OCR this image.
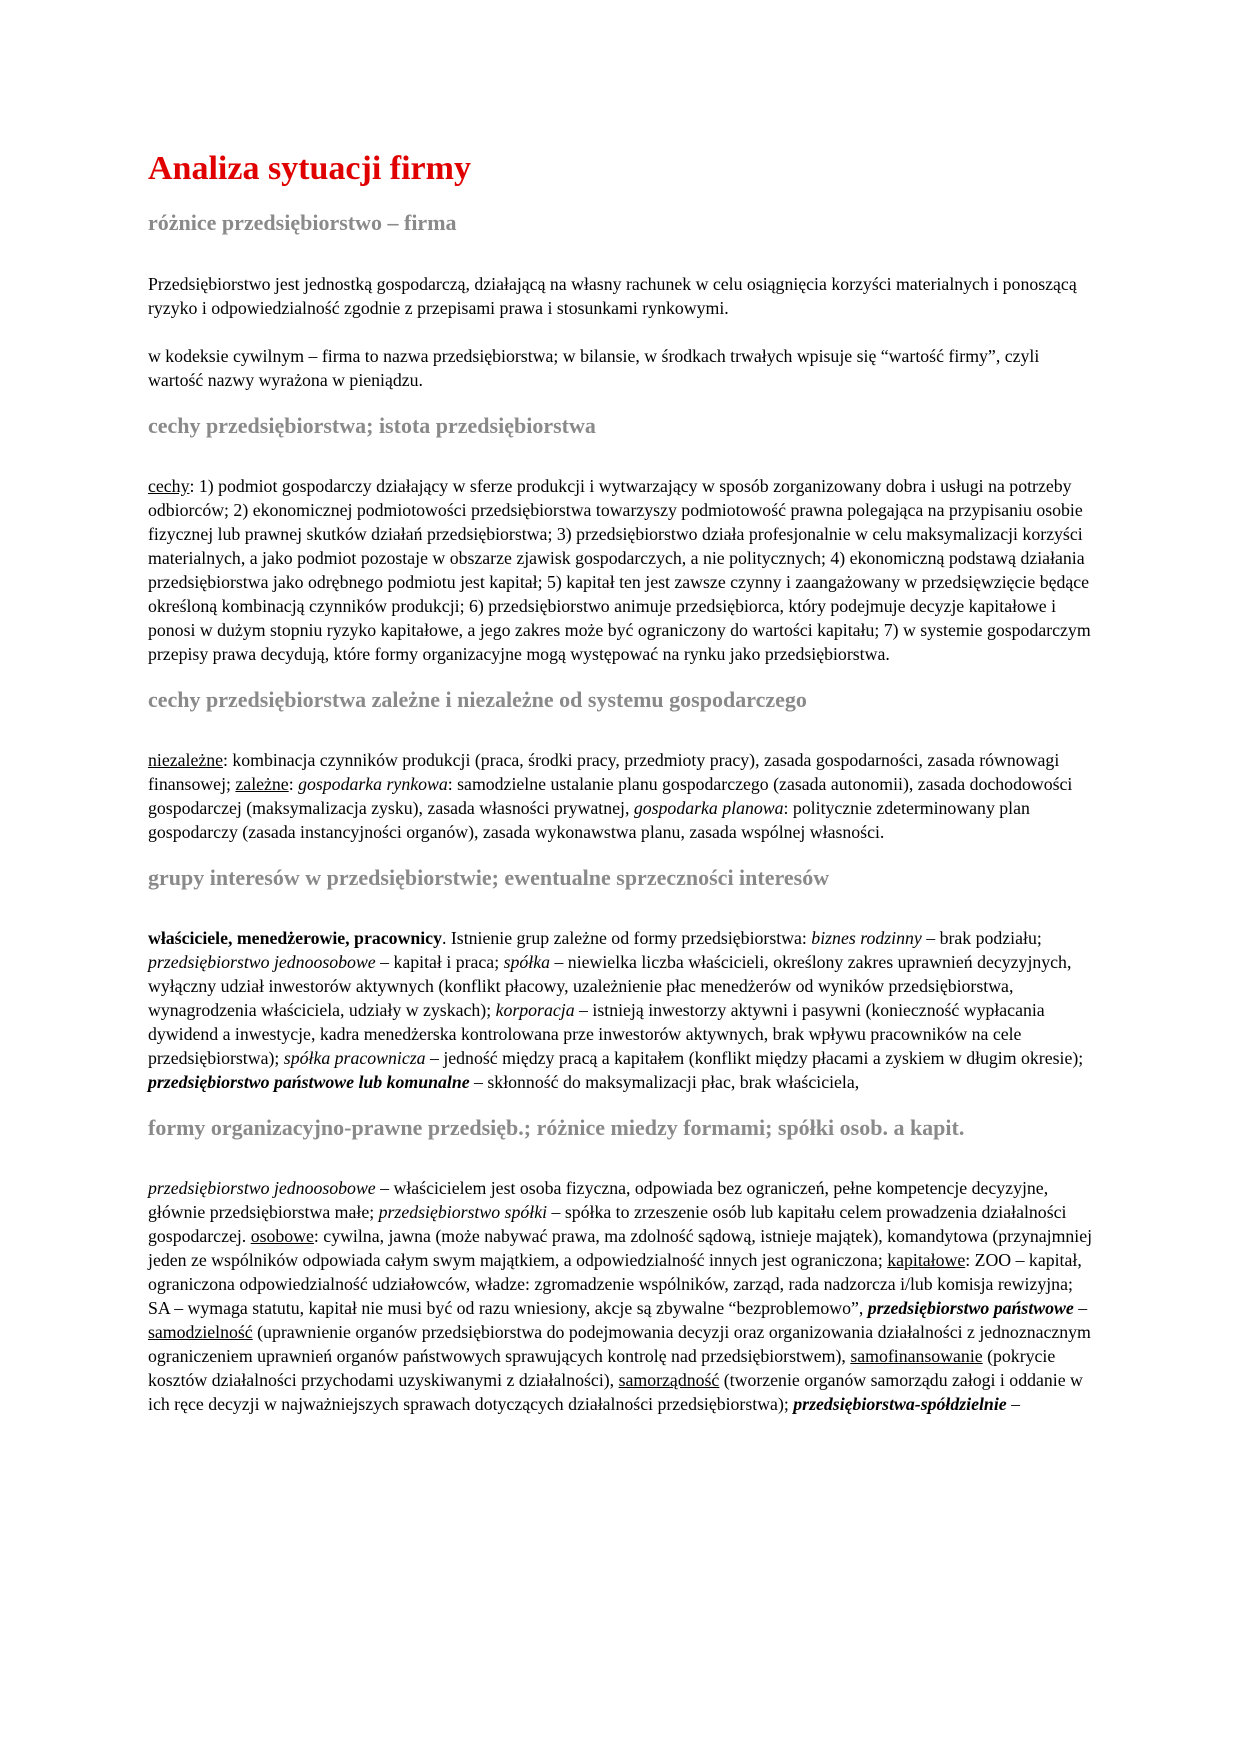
Analiza sytuacji firmy
różnice przedsiębiorstwo – firma

Przedsiębiorstwo jest jednostką gospodarczą, działającą na własny rachunek w celu osiągnięcia korzyści materialnych i ponoszącą ryzyko i odpowiedzialność zgodnie z przepisami prawa i stosunkami rynkowymi.

w kodeksie cywilnym – firma to nazwa przedsiębiorstwa; w bilansie, w środkach trwałych wpisuje się “wartość firmy”, czyli wartość nazwy wyrażona w pieniądzu.

cechy przedsiębiorstwa; istota przedsiębiorstwa

cechy: 1) podmiot gospodarczy działający w sferze produkcji i wytwarzający w sposób zorganizowany dobra i usługi na potrzeby odbiorców; 2) ekonomicznej podmiotowości przedsiębiorstwa towarzyszy podmiotowość prawna polegająca na przypisaniu osobie fizycznej lub prawnej skutków działań przedsiębiorstwa; 3) przedsiębiorstwo działa profesjonalnie w celu maksymalizacji korzyści materialnych, a jako podmiot pozostaje w obszarze zjawisk gospodarczych, a nie politycznych; 4) ekonomiczną podstawą działania przedsiębiorstwa jako odrębnego podmiotu jest kapitał; 5) kapitał ten jest zawsze czynny i zaangażowany w przedsięwzięcie będące określoną kombinacją czynników produkcji; 6) przedsiębiorstwo animuje przedsiębiorca, który podejmuje decyzje kapitałowe i ponosi w dużym stopniu ryzyko kapitałowe, a jego zakres może być ograniczony do wartości kapitału; 7) w systemie gospodarczym przepisy prawa decydują, które formy organizacyjne mogą występować na rynku jako przedsiębiorstwa.

cechy przedsiębiorstwa zależne i niezależne od systemu gospodarczego

niezależne: kombinacja czynników produkcji (praca, środki pracy, przedmioty pracy), zasada gospodarności, zasada równowagi finansowej; zależne: gospodarka rynkowa: samodzielne ustalanie planu gospodarczego (zasada autonomii), zasada dochodowości gospodarczej (maksymalizacja zysku), zasada własności prywatnej, gospodarka planowa: politycznie zdeterminowany plan gospodarczy (zasada instancyjności organów), zasada wykonawstwa planu, zasada wspólnej własności.

grupy interesów w przedsiębiorstwie; ewentualne sprzeczności interesów

właściciele, menedżerowie, pracownicy. Istnienie grup zależne od formy przedsiębiorstwa: biznes rodzinny – brak podziału; przedsiębiorstwo jednoosobowe – kapitał i praca; spółka – niewielka liczba właścicieli, określony zakres uprawnień decyzyjnych, wyłączny udział inwestorów aktywnych (konflikt płacowy, uzależnienie płac menedżerów od wyników przedsiębiorstwa, wynagrodzenia właściciela, udziały w zyskach); korporacja – istnieją inwestorzy aktywni i pasywni (konieczność wypłacania dywidend a inwestycje, kadra menedżerska kontrolowana prze inwestorów aktywnych, brak wpływu pracowników na cele przedsiębiorstwa); spółka pracownicza – jedność między pracą a kapitałem (konflikt między płacami a zyskiem w długim okresie); przedsiębiorstwo państwowe lub komunalne – skłonność do maksymalizacji płac, brak właściciela,

formy organizacyjno-prawne przedsięb.; różnice miedzy formami; spółki osob. a kapit.

przedsiębiorstwo jednoosobowe – właścicielem jest osoba fizyczna, odpowiada bez ograniczeń, pełne kompetencje decyzyjne, głównie przedsiębiorstwa małe; przedsiębiorstwo spółki – spółka to zrzeszenie osób lub kapitału celem prowadzenia działalności gospodarczej. osobowe: cywilna, jawna (może nabywać prawa, ma zdolność sądową, istnieje majątek), komandytowa (przynajmniej jeden ze wspólników odpowiada całym swym majątkiem, a odpowiedzialność innych jest ograniczona; kapitałowe: ZOO – kapitał, ograniczona odpowiedzialność udziałowców, władze: zgromadzenie wspólników, zarząd, rada nadzorcza i/lub komisja rewizyjna; SA – wymaga statutu, kapitał nie musi być od razu wniesiony, akcje są zbywalne “bezproblemowo”, przedsiębiorstwo państwowe – samodzielność (uprawnienie organów przedsiębiorstwa do podejmowania decyzji oraz organizowania działalności z jednoznacznym ograniczeniem uprawnień organów państwowych sprawujących kontrolę nad przedsiębiorstwem), samofinansowanie (pokrycie kosztów działalności przychodami uzyskiwanymi z działalności), samorządność (tworzenie organów samorządu załogi i oddanie w ich ręce decyzji w najważniejszych sprawach dotyczących działalności przedsiębiorstwa); przedsiębiorstwa-spółdzielnie –
